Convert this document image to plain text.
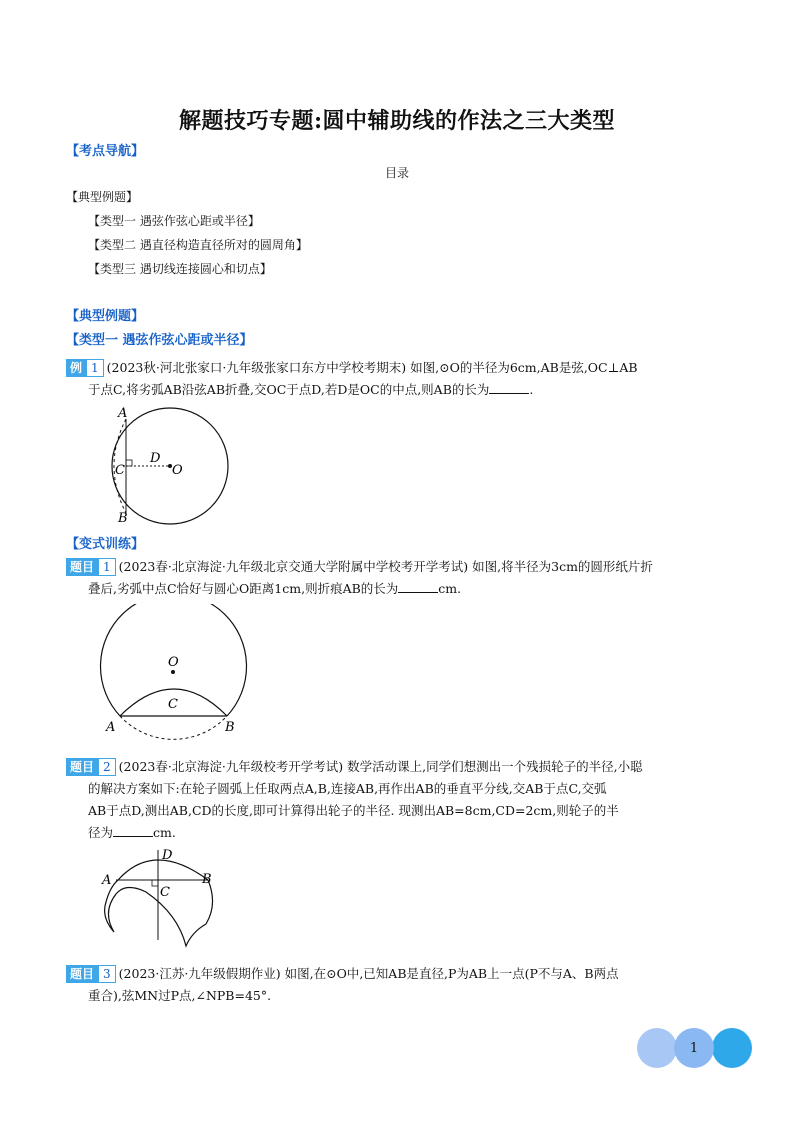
解题技巧专题:圆中辅助线的作法之三大类型
【考点导航】
目录
【典型例题】
【类型一 遇弦作弦心距或半径】
【类型二 遇直径构造直径所对的圆周角】
【类型三 遇切线连接圆心和切点】
【典型例题】
【类型一 遇弦作弦心距或半径】
例 1 (2023秋·河北张家口·九年级张家口东方中学校考期末) 如图,⊙O的半径为6cm,AB是弦,OC⊥AB
于点C,将劣弧AB沿弦AB折叠,交OC于点D,若D是OC的中点,则AB的长为	.
A
B
C
D
O
【变式训练】
题目 1 (2023春·北京海淀·九年级北京交通大学附属中学校考开学考试) 如图,将半径为3cm的圆形纸片折
叠后,劣弧中点C恰好与圆心O距离1cm,则折痕AB的长为	cm.
O
C
A	B
题目 2 (2023春·北京海淀·九年级校考开学考试) 数学活动课上,同学们想测出一个残损轮子的半径,小聪
的解决方案如下:在轮子圆弧上任取两点A,B,连接AB,再作出AB的垂直平分线,交AB于点C,交弧
AB于点D,测出AB,CD的长度,即可计算得出轮子的半径. 现测出AB=8cm,CD=2cm,则轮子的半
径为	cm.
D
A	B
C
题目 3 (2023·江苏·九年级假期作业) 如图,在⊙O中,已知AB是直径,P为AB上一点(P不与A、B两点
重合),弦MN过P点,∠NPB=45°.
1
